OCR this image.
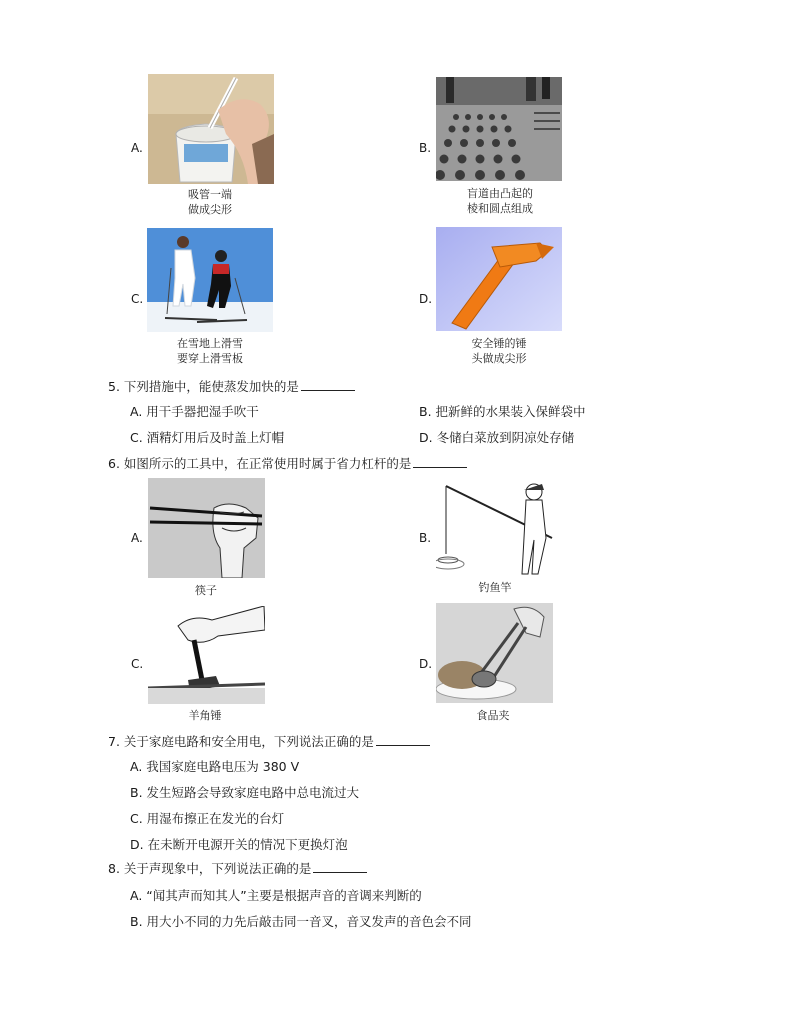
A.
吸管一端
做成尖形
B.
盲道由凸起的
棱和圆点组成
C.
在雪地上滑雪
要穿上滑雪板
D.
安全锤的锤
头做成尖形
5. 下列措施中，能使蒸发加快的是
A. 用干手器把湿手吹干	B. 把新鲜的水果装入保鲜袋中
C. 酒精灯用后及时盖上灯帽	D. 冬储白菜放到阴凉处存储
6. 如图所示的工具中，在正常使用时属于省力杠杆的是
A.
筷子
B.
钓鱼竿
C.
羊角锤
D.
食品夹
7. 关于家庭电路和安全用电，下列说法正确的是
A. 我国家庭电路电压为 380 V
B. 发生短路会导致家庭电路中总电流过大
C. 用湿布擦正在发光的台灯
D. 在未断开电源开关的情况下更换灯泡
8. 关于声现象中，下列说法正确的是
A. “闻其声而知其人”主要是根据声音的音调来判断的
B. 用大小不同的力先后敲击同一音叉，音叉发声的音色会不同
